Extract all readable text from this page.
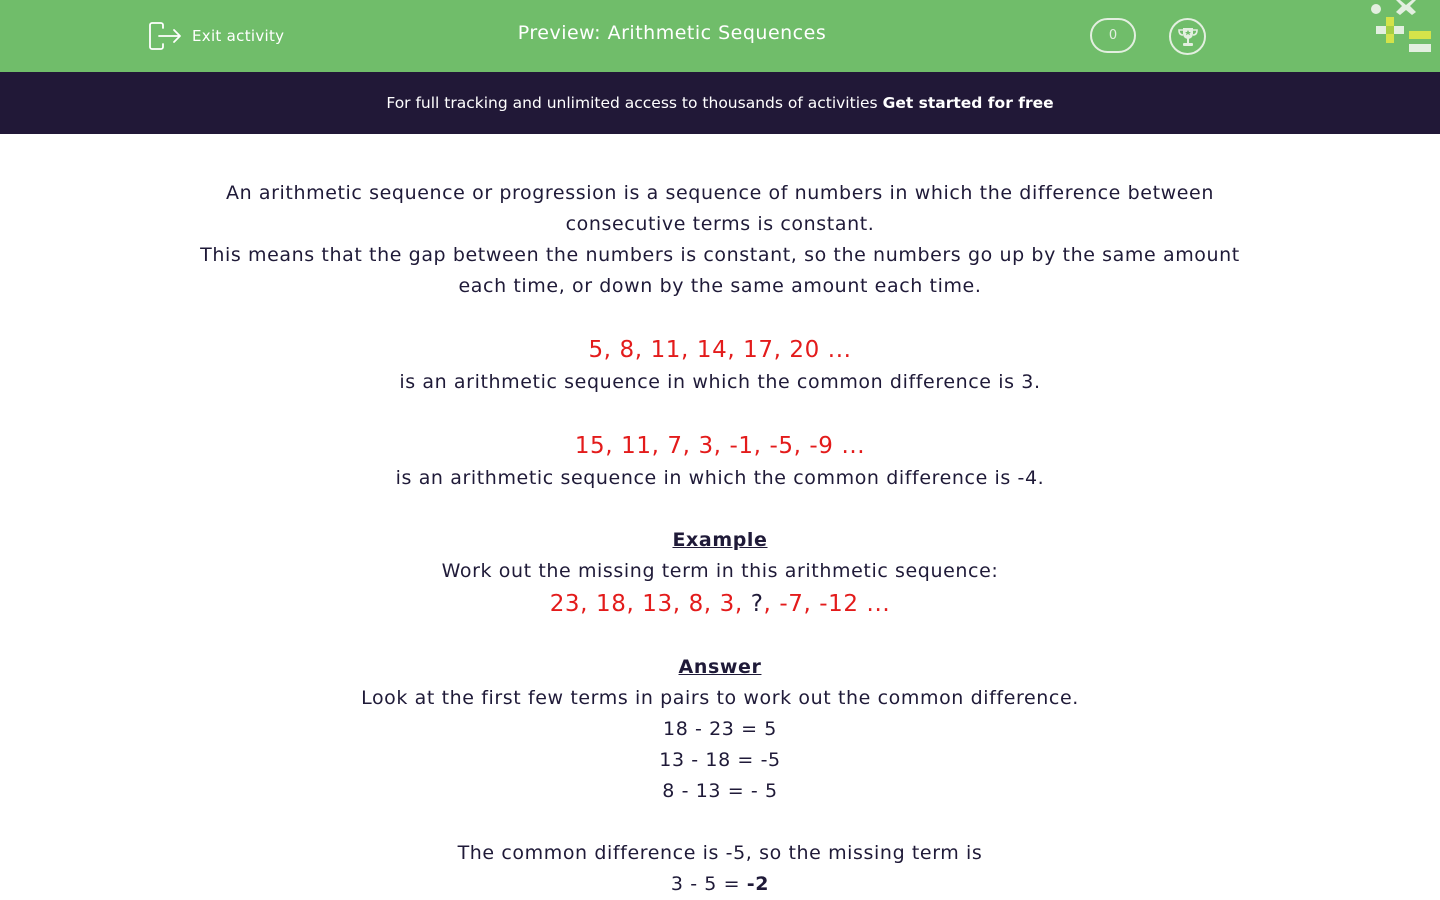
Exit activity	Preview: Arithmetic Sequences	0
For full tracking and unlimited access to thousands of activities Get started for free
An arithmetic sequence or progression is a sequence of numbers in which the difference between
consecutive terms is constant.
This means that the gap between the numbers is constant, so the numbers go up by the same amount
each time, or down by the same amount each time.
5, 8, 11, 14, 17, 20 ...
is an arithmetic sequence in which the common difference is 3.
15, 11, 7, 3, -1, -5, -9 ...
is an arithmetic sequence in which the common difference is -4.
Example
Work out the missing term in this arithmetic sequence:
23, 18, 13, 8, 3, ?, -7, -12 ...
Answer
Look at the first few terms in pairs to work out the common difference.
18 - 23 = 5
13 - 18 = -5
8 - 13 = - 5
The common difference is -5, so the missing term is
3 - 5 = -2
